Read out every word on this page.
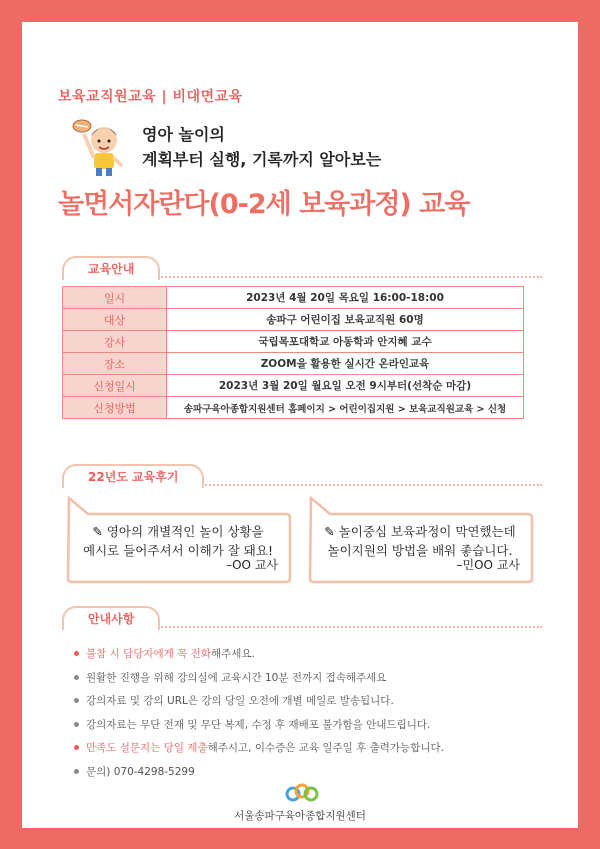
보육교직원교육 | 비대면교육
영아 놀이의
계획부터 실행, 기록까지 알아보는
놀면서자란다(0-2세 보육과정) 교육
교육안내
일시	2023년 4월 20일 목요일 16:00-18:00
대상	송파구 어린이집 보육교직원 60명
강사	국립목포대학교 아동학과 안지혜 교수
장소	ZOOM을 활용한 실시간 온라인교육
신청일시	2023년 3월 20일 월요일 오전 9시부터(선착순 마감)
신청방법	송파구육아종합지원센터 홈페이지 > 어린이집지원 > 보육교직원교육 > 신청
22년도 교육후기
✎ 영아의 개별적인 놀이 상황을
예시로 들어주셔서 이해가 잘 돼요!
–OO 교사
✎ 놀이중심 보육과정이 막연했는데
놀이지원의 방법을 배워 좋습니다.
–민OO 교사
안내사항
불참 시 담당자에게 꼭 전화해주세요.
원활한 진행을 위해 강의실에 교육시간 10분 전까지 접속해주세요
강의자료 및 강의 URL은 강의 당일 오전에 개별 메일로 발송됩니다.
강의자료는 무단 전재 및 무단 복제, 수정 후 재배포 불가함을 안내드립니다.
만족도 설문지는 당일 제출해주시고, 이수증은 교육 일주일 후 출력가능합니다.
문의) 070-4298-5299
서울송파구육아종합지원센터
